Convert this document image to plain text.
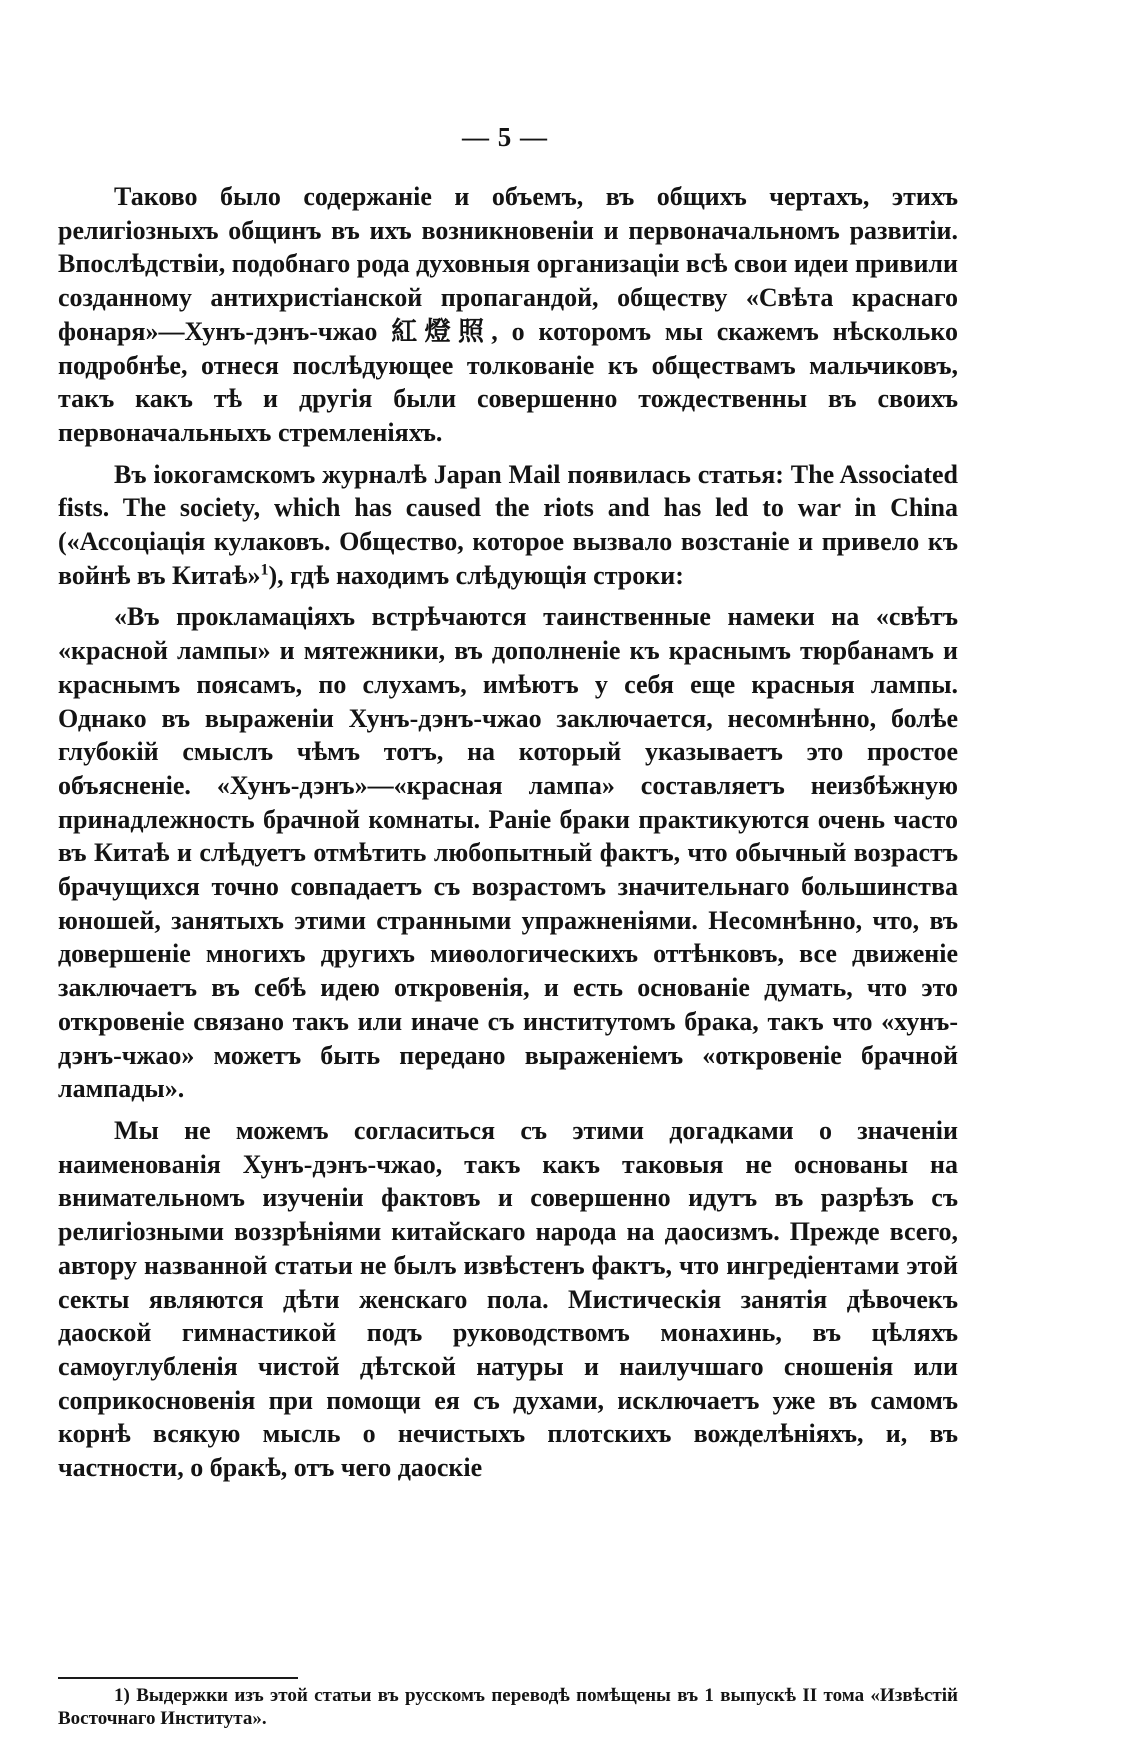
— 5 —

Таково было содержаніе и объемъ, въ общихъ чертахъ, этихъ религіозныхъ общинъ въ ихъ возникновеніи и первоначальномъ развитіи. Впослѣдствіи, подобнаго рода духовныя организаціи всѣ свои идеи привили созданному антихристіанской пропагандой, обществу «Свѣта краснаго фонаря»—Хунъ-дэнъ-чжао 紅燈照, о которомъ мы скажемъ нѣсколько подробнѣе, отнеся послѣдующее толкованіе къ обществамъ мальчиковъ, такъ какъ тѣ и другія были совершенно тождественны въ своихъ первоначальныхъ стремленіяхъ.

Въ іокогамскомъ журналѣ Japan Mail появилась статья: The Associated fists. The society, which has caused the riots and has led to war in China («Ассоціація кулаковъ. Общество, которое вызвало возстаніе и привело къ войнѣ въ Китаѣ»$^1$), гдѣ находимъ слѣдующія строки:

«Въ прокламаціяхъ встрѣчаются таинственные намеки на «свѣтъ «красной лампы» и мятежники, въ дополненіе къ краснымъ тюрбанамъ и краснымъ поясамъ, по слухамъ, имѣютъ у себя еще красныя лампы. Однако въ выраженіи Хунъ-дэнъ-чжао заключается, несомнѣнно, болѣе глубокій смыслъ чѣмъ тотъ, на который указываетъ это простое объясненіе. «Хунъ-дэнъ»—«красная лампа» составляетъ неизбѣжную принадлежность брачной комнаты. Раніе браки практикуются очень часто въ Китаѣ и слѣдуетъ отмѣтить любопытный фактъ, что обычный возрастъ брачущихся точно совпадаетъ съ возрастомъ значительнаго большинства юношей, занятыхъ этими странными упражненіями. Несомнѣнно, что, въ довершеніе многихъ другихъ миѳологическихъ оттѣнковъ, все движеніе заключаетъ въ себѣ идею откровенія, и есть основаніе думать, что это откровеніе связано такъ или иначе съ институтомъ брака, такъ что «хунъ-дэнъ-чжао» можетъ быть передано выраженіемъ «откровеніе брачной лампады».

Мы не можемъ согласиться съ этими догадками о значеніи наименованія Хунъ-дэнъ-чжао, такъ какъ таковыя не основаны на внимательномъ изученіи фактовъ и совершенно идутъ въ разрѣзъ съ религіозными воззрѣніями китайскаго народа на даосизмъ. Прежде всего, автору названной статьи не былъ извѣстенъ фактъ, что ингредіентами этой секты являются дѣти женскаго пола. Мистическія занятія дѣвочекъ даоской гимнастикой подъ руководствомъ монахинь, въ цѣляхъ самоуглубленія чистой дѣтской натуры и наилучшаго сношенія или соприкосновенія при помощи ея съ духами, исключаетъ уже въ самомъ корнѣ всякую мысль о нечистыхъ плотскихъ вожделѣніяхъ, и, въ частности, о бракѣ, отъ чего даоскіе

1) Выдержки изъ этой статьи въ русскомъ переводѣ помѣщены въ 1 выпускѣ II тома «Извѣстій Восточнаго Института».
